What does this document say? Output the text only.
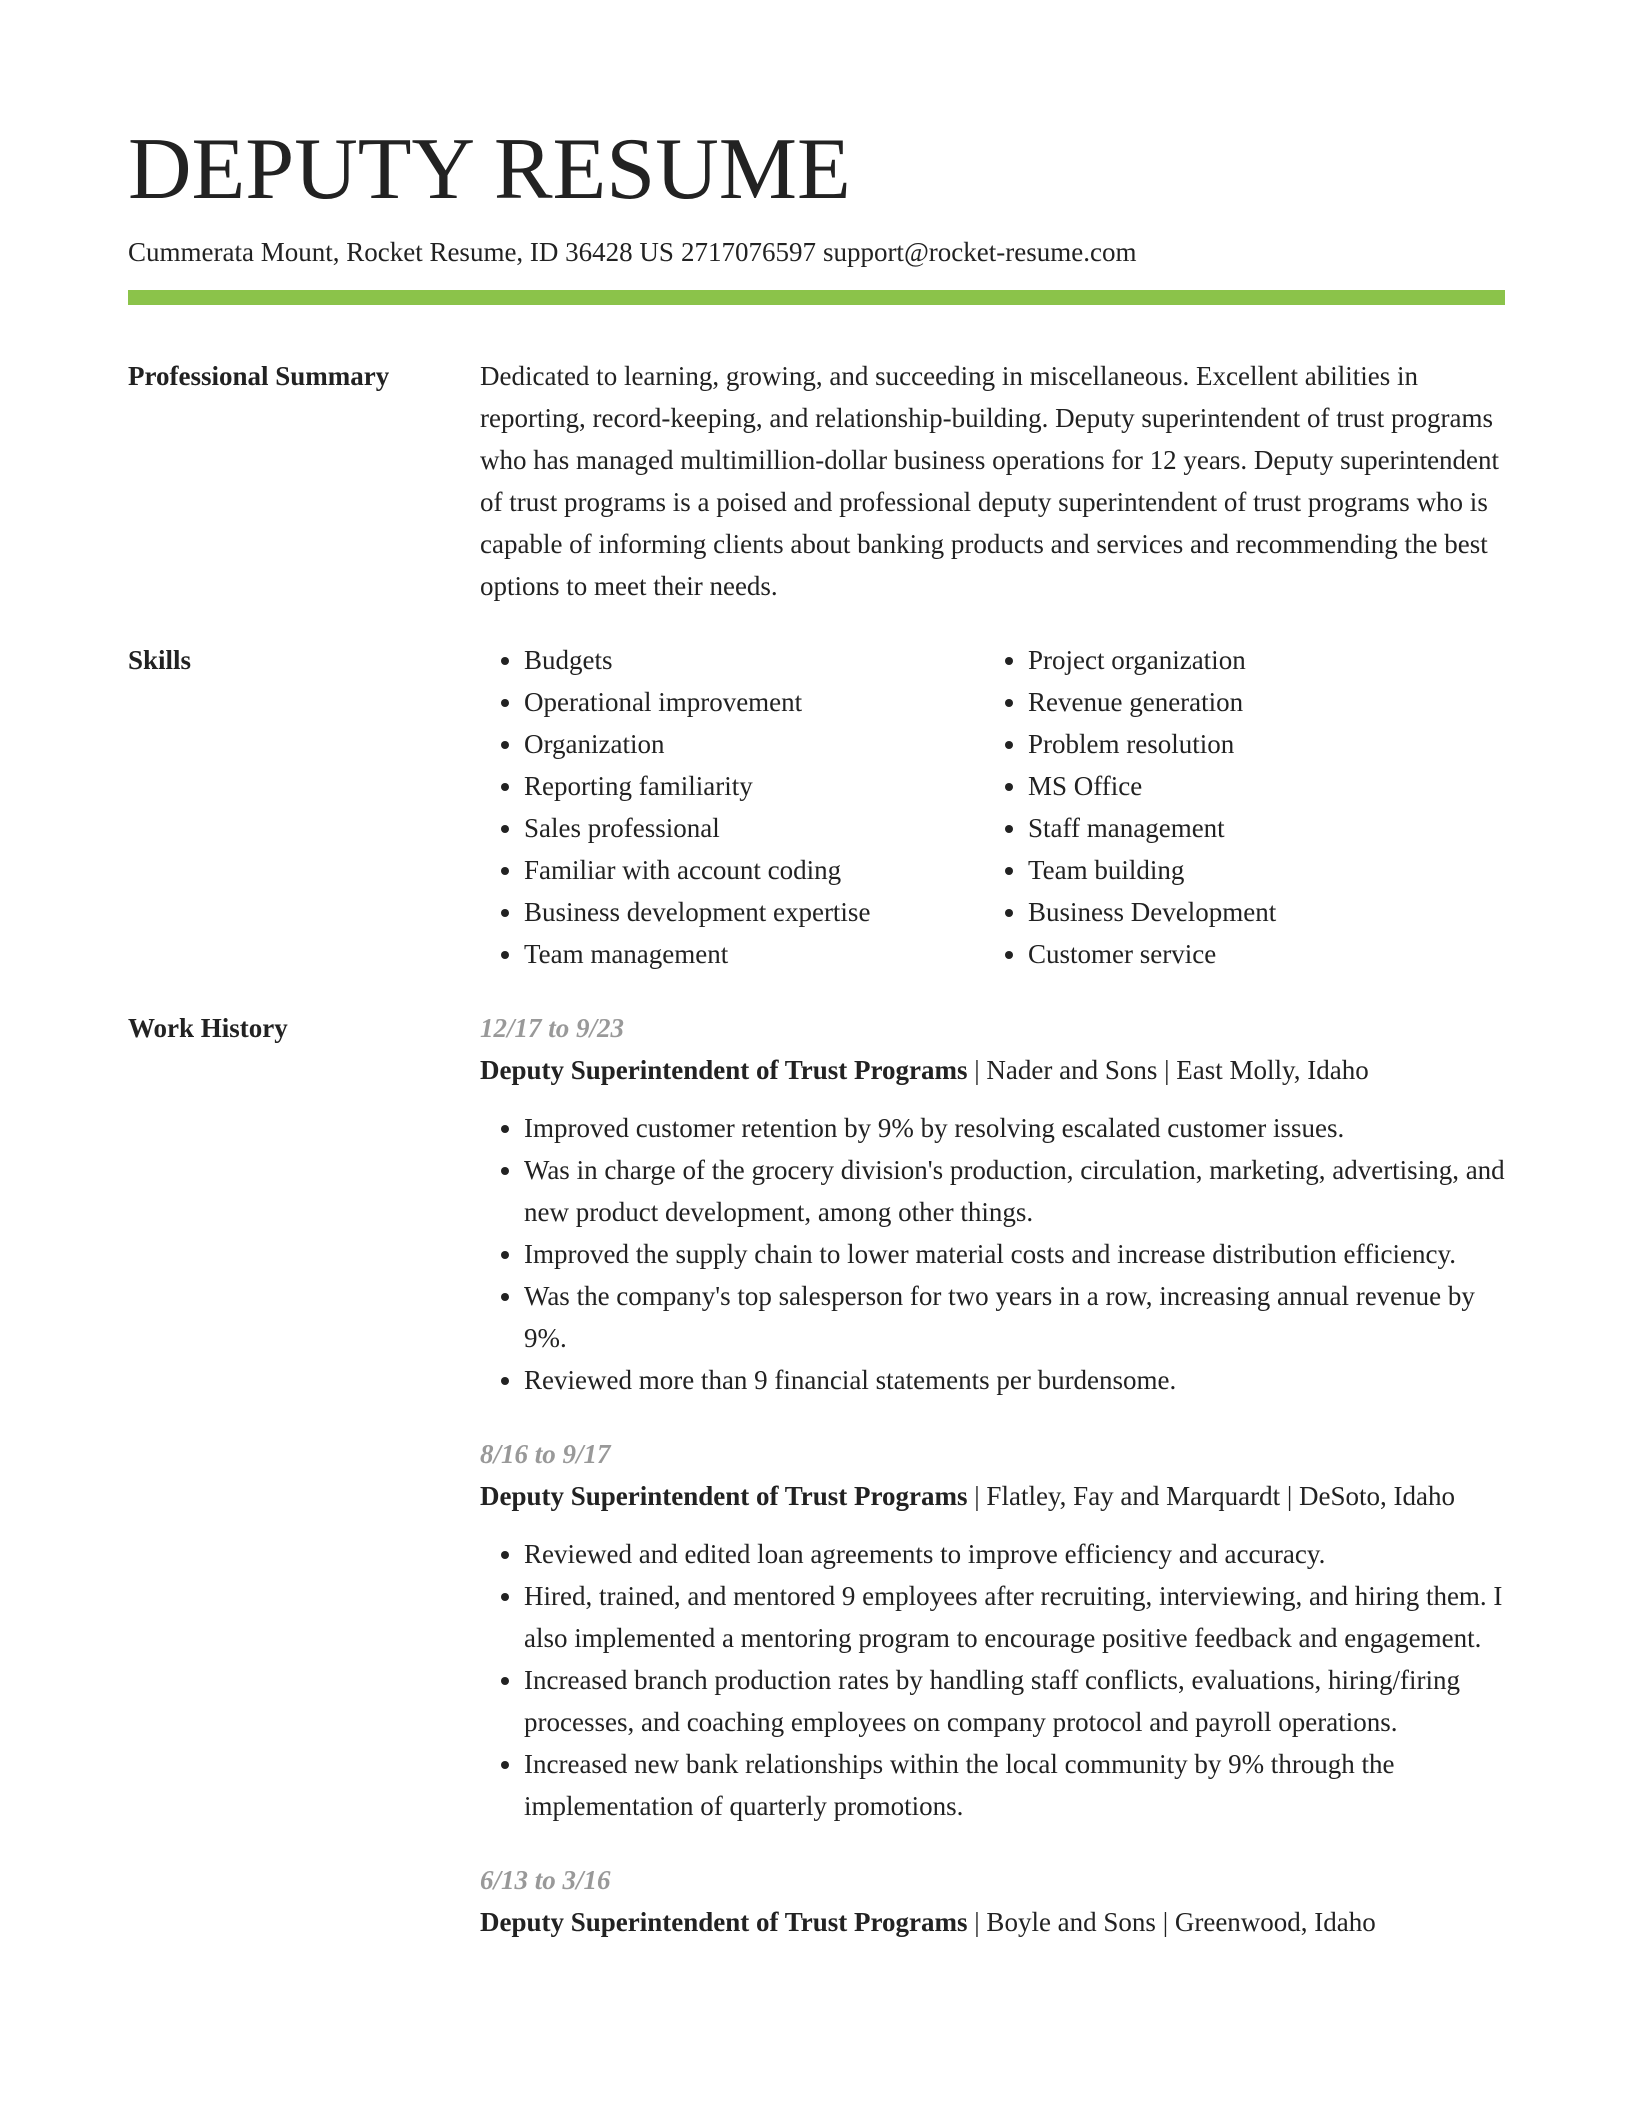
DEPUTY RESUME
Cummerata Mount, Rocket Resume, ID 36428 US 2717076597 support@rocket-resume.com
Professional Summary	Dedicated to learning, growing, and succeeding in miscellaneous. Excellent abilities in reporting, record-keeping, and relationship-building. Deputy superintendent of trust programs who has managed multimillion-dollar business operations for 12 years. Deputy superintendent of trust programs is a poised and professional deputy superintendent of trust programs who is capable of informing clients about banking products and services and recommending the best options to meet their needs.
Skills
•	Budgets
• Operational improvement
• Organization
• Reporting familiarity
• Sales professional
• Familiar with account coding
• Business development expertise
• Team management
• Project organization
• Revenue generation
• Problem resolution
• MS Office
• Staff management
• Team building
• Business Development
• Customer service
Work History	12/17 to 9/23
Deputy Superintendent of Trust Programs | Nader and Sons | East Molly, Idaho
• Improved customer retention by 9% by resolving escalated customer issues.
• Was in charge of the grocery division's production, circulation, marketing, advertising, and new product development, among other things.
• Improved the supply chain to lower material costs and increase distribution efficiency.
• Was the company's top salesperson for two years in a row, increasing annual revenue by 9%.
• Reviewed more than 9 financial statements per burdensome.
8/16 to 9/17
Deputy Superintendent of Trust Programs | Flatley, Fay and Marquardt | DeSoto, Idaho
• Reviewed and edited loan agreements to improve efficiency and accuracy.
• Hired, trained, and mentored 9 employees after recruiting, interviewing, and hiring them. I also implemented a mentoring program to encourage positive feedback and engagement.
• Increased branch production rates by handling staff conflicts, evaluations, hiring/firing processes, and coaching employees on company protocol and payroll operations.
• Increased new bank relationships within the local community by 9% through the implementation of quarterly promotions.
6/13 to 3/16
Deputy Superintendent of Trust Programs | Boyle and Sons | Greenwood, Idaho
